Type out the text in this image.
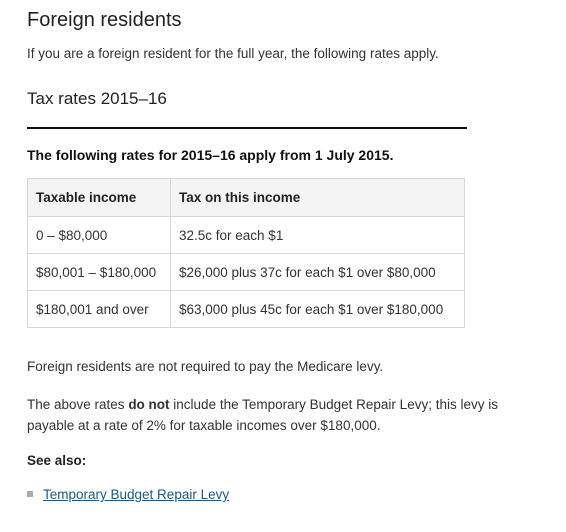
Foreign residents

If you are a foreign resident for the full year, the following rates apply.

Tax rates 2015–16

The following rates for 2015–16 apply from 1 July 2015.

Taxable income	Tax on this income
0 – $80,000	32.5c for each $1
$80,001 – $180,000	$26,000 plus 37c for each $1 over $80,000
$180,001 and over	$63,000 plus 45c for each $1 over $180,000

Foreign residents are not required to pay the Medicare levy.

The above rates do not include the Temporary Budget Repair Levy; this levy is payable at a rate of 2% for taxable incomes over $180,000.

See also:

Temporary Budget Repair Levy
